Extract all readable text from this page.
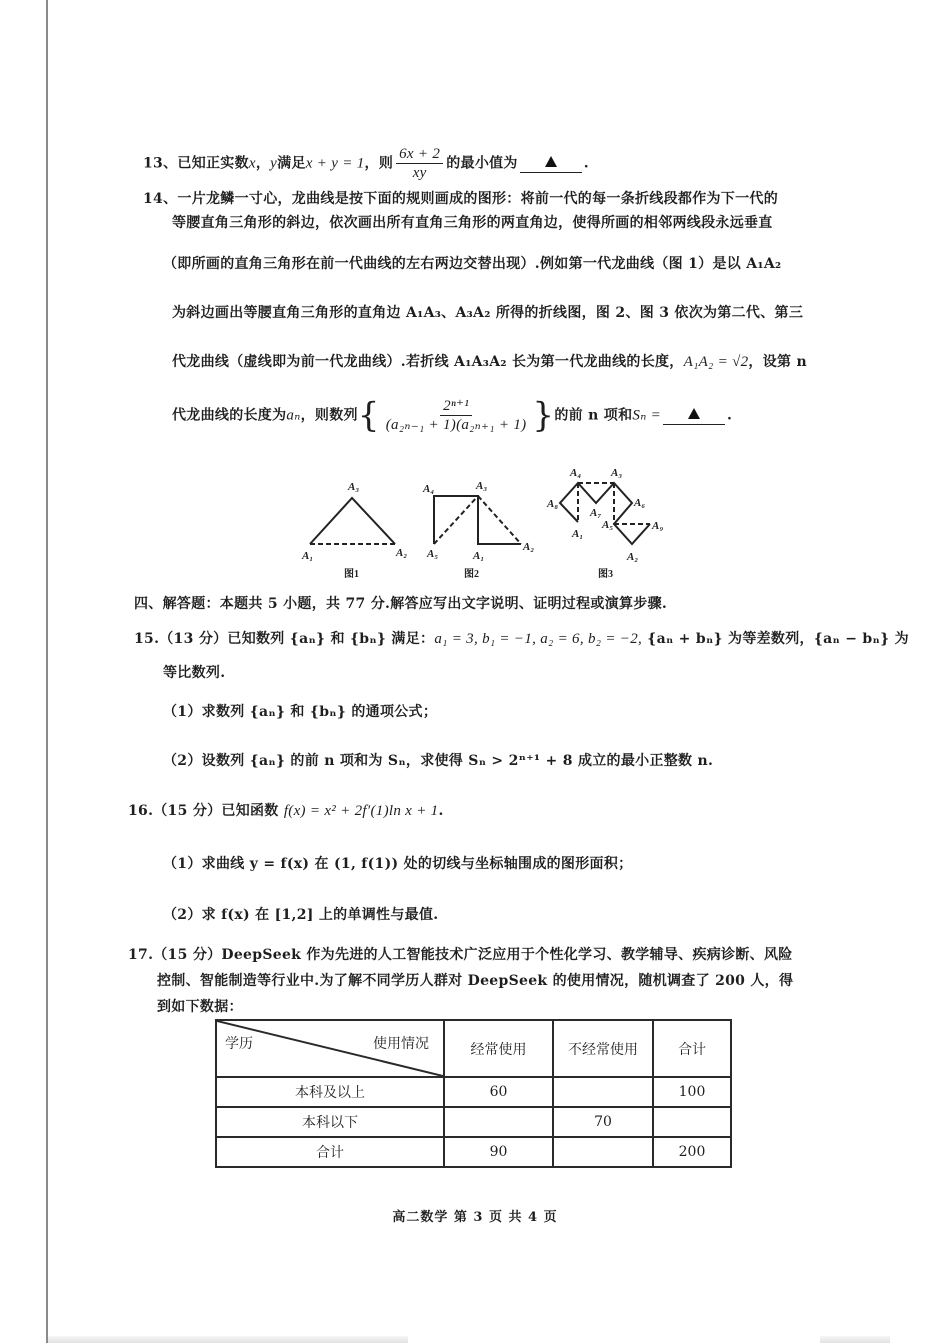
13、已知正实数x，y满足x + y = 1，则 $\frac{6x + 2}{xy}$ 的最小值为	.
14、一片龙鳞一寸心，龙曲线是按下面的规则画成的图形：将前一代的每一条折线段都作为下一代的
等腰直角三角形的斜边，依次画出所有直角三角形的两直角边，使得所画的相邻两线段永远垂直
（即所画的直角三角形在前一代曲线的左右两边交替出现）.例如第一代龙曲线（图 1）是以 A₁A₂
为斜边画出等腰直角三角形的直角边 A₁A₃、A₃A₂ 所得的折线图，图 2、图 3 依次为第二代、第三
代龙曲线（虚线即为前一代龙曲线）.若折线 A₁A₃A₂ 长为第一代龙曲线的长度，A₁A₂ = √2，设第 n
代龙曲线的长度为aₙ，则数列{ $\frac{\text{2ⁿ⁺¹}}{\text{(a₂ₙ₋₁ + 1)(a₂ₙ₊₁ + 1)}}$ }的前 n 项和Sₙ =	.
A₁	A₂
A₃	A₄	A₃
A₁
A₂
A₅
A₄	A₃
A₈
A₇
A₆
A₁
A₅
A₂
A₉
图1	图2	图3
四、解答题：本题共 5 小题，共 77 分.解答应写出文字说明、证明过程或演算步骤.
15.（13 分）已知数列 {aₙ} 和 {bₙ} 满足：a₁ = 3, b₁ = −1, a₂ = 6, b₂ = −2, {aₙ + bₙ} 为等差数列，{aₙ − bₙ} 为
等比数列.
（1）求数列 {aₙ} 和 {bₙ} 的通项公式；
（2）设数列 {aₙ} 的前 n 项和为 Sₙ，求使得 Sₙ > 2ⁿ⁺¹ + 8 成立的最小正整数 n.
16.（15 分）已知函数 f(x) = x² + 2f′(1)ln x + 1.
（1）求曲线 y = f(x) 在 (1, f(1)) 处的切线与坐标轴围成的图形面积；
（2）求 f(x) 在 [1,2] 上的单调性与最值.
17.（15 分）DeepSeek 作为先进的人工智能技术广泛应用于个性化学习、教学辅导、疾病诊断、风险
控制、智能制造等行业中.为了解不同学历人群对 DeepSeek 的使用情况，随机调查了 200 人，得
到如下数据：
学历 使用情况	经常使用	不经常使用	合计
本科及以上	60		100
本科以下		70	
合计	90		200
高二数学 第 3 页 共 4 页
